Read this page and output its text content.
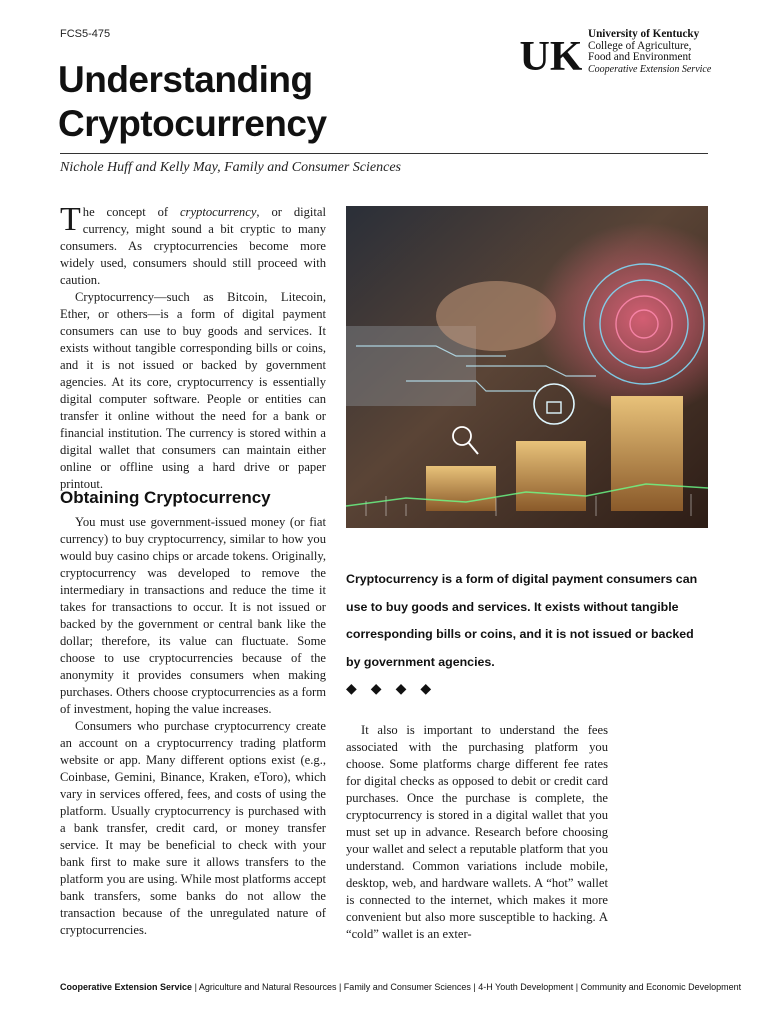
FCS5-475
Understanding
Cryptocurrency
UK University of Kentucky
College of Agriculture,
Food and Environment
Cooperative Extension Service
Nichole Huff and Kelly May, Family and Consumer Sciences

The concept of cryptocurrency, or digital currency, might sound a bit cryptic to many consumers. As cryptocurrencies become more widely used, consumers should still proceed with caution.

Cryptocurrency—such as Bitcoin, Litecoin, Ether, or others—is a form of digital payment consumers can use to buy goods and services. It exists without tangible corresponding bills or coins, and it is not issued or backed by government agencies. At its core, cryptocurrency is essentially digital computer software. People or entities can transfer it online without the need for a bank or financial institution. The currency is stored within a digital wallet that consumers can maintain either online or offline using a hard drive or paper printout.

Obtaining Cryptocurrency

You must use government-issued money (or fiat currency) to buy cryptocurrency, similar to how you would buy casino chips or arcade tokens. Originally, cryptocurrency was developed to remove the intermediary in transactions and reduce the time it takes for transactions to occur. It is not issued or backed by the government or central bank like the dollar; therefore, its value can fluctuate. Some choose to use cryptocurrencies because of the anonymity it provides consumers when making purchases. Others choose cryptocurrencies as a form of investment, hoping the value increases.

Consumers who purchase cryptocurrency create an account on a cryptocurrency trading platform website or app. Many different options exist (e.g., Coinbase, Gemini, Binance, Kraken, eToro), which vary in services offered, fees, and costs of using the platform. Usually cryptocurrency is purchased with a bank transfer, credit card, or money transfer service. It may be beneficial to check with your bank first to make sure it allows transfers to the platform you are using. While most platforms accept bank transfers, some banks do not allow the transaction because of the unregulated nature of cryptocurrencies.

Cryptocurrency is a form of digital payment consumers can use to buy goods and services. It exists without tangible corresponding bills or coins, and it is not issued or backed by government agencies.
◆ ◆ ◆ ◆

It also is important to understand the fees associated with the purchasing platform you choose. Some platforms charge different fee rates for digital checks as opposed to debit or credit card purchases. Once the purchase is complete, the cryptocurrency is stored in a digital wallet that you must set up in advance. Research before choosing your wallet and select a reputable platform that you understand. Common variations include mobile, desktop, web, and hardware wallets. A “hot” wallet is connected to the internet, which makes it more convenient but also more susceptible to hacking. A “cold” wallet is an exter-

Cooperative Extension Service | Agriculture and Natural Resources | Family and Consumer Sciences | 4-H Youth Development | Community and Economic Development
